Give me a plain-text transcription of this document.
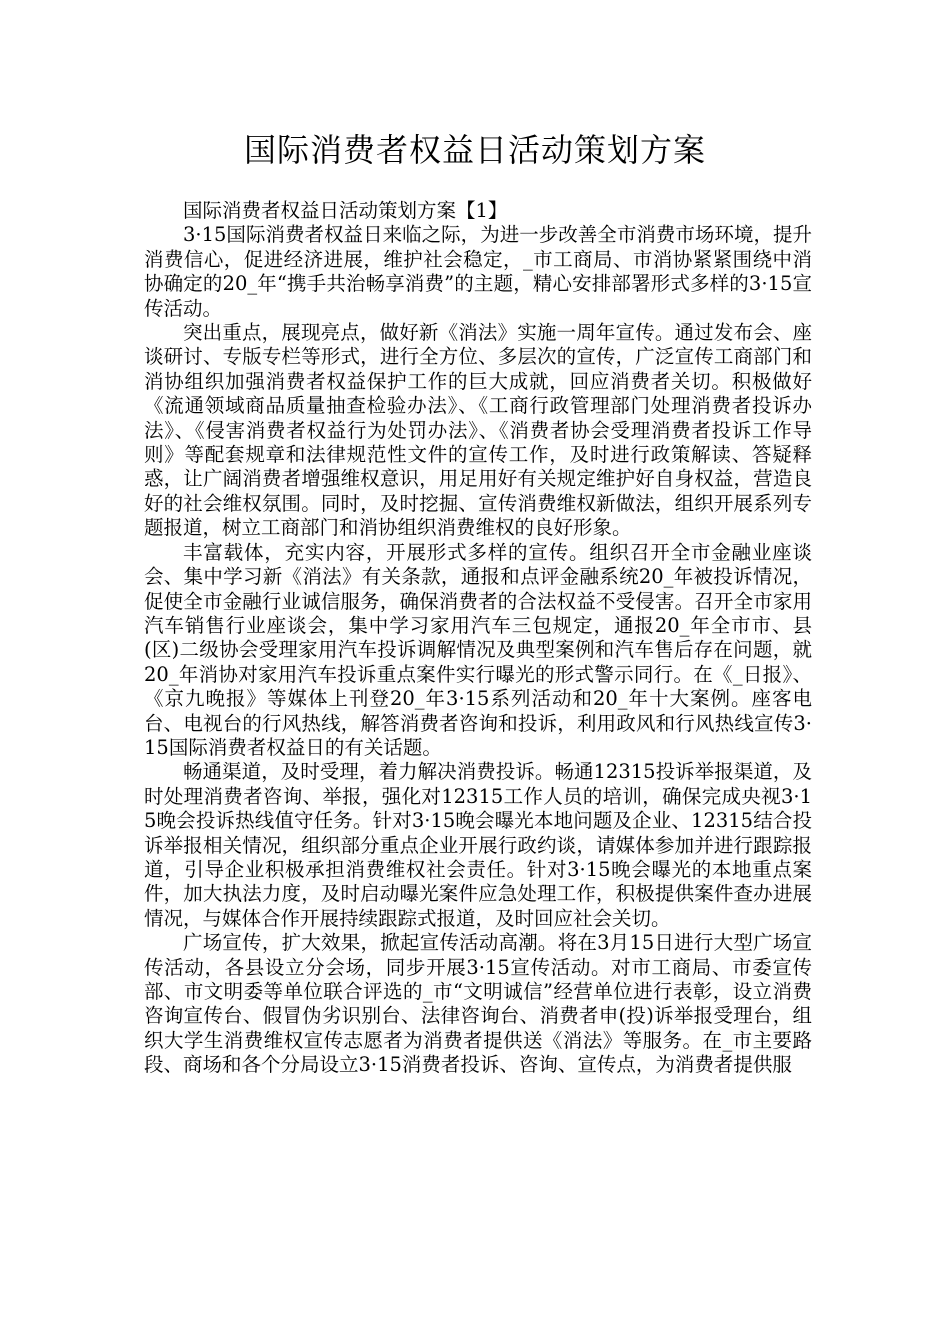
国际消费者权益日活动策划方案

国际消费者权益日活动策划方案【1】

3·15国际消费者权益日来临之际，为进一步改善全市消费市场环境，提升消费信心，促进经济进展，维护社会稳定，_市工商局、市消协紧紧围绕中消协确定的20_年“携手共治畅享消费”的主题，精心安排部署形式多样的3·15宣传活动。

突出重点，展现亮点，做好新《消法》实施一周年宣传。通过发布会、座谈研讨、专版专栏等形式，进行全方位、多层次的宣传，广泛宣传工商部门和消协组织加强消费者权益保护工作的巨大成就，回应消费者关切。积极做好《流通领域商品质量抽查检验办法》、《工商行政管理部门处理消费者投诉办法》、《侵害消费者权益行为处罚办法》、《消费者协会受理消费者投诉工作导则》等配套规章和法律规范性文件的宣传工作，及时进行政策解读、答疑释惑，让广阔消费者增强维权意识，用足用好有关规定维护好自身权益，营造良好的社会维权氛围。同时，及时挖掘、宣传消费维权新做法，组织开展系列专题报道，树立工商部门和消协组织消费维权的良好形象。

丰富载体，充实内容，开展形式多样的宣传。组织召开全市金融业座谈会、集中学习新《消法》有关条款，通报和点评金融系统20_年被投诉情况，促使全市金融行业诚信服务，确保消费者的合法权益不受侵害。召开全市家用汽车销售行业座谈会，集中学习家用汽车三包规定，通报20_年全市市、县(区)二级协会受理家用汽车投诉调解情况及典型案例和汽车售后存在问题，就20_年消协对家用汽车投诉重点案件实行曝光的形式警示同行。在《_日报》、《京九晚报》等媒体上刊登20_年3·15系列活动和20_年十大案例。座客电台、电视台的行风热线，解答消费者咨询和投诉，利用政风和行风热线宣传3·15国际消费者权益日的有关话题。

畅通渠道，及时受理，着力解决消费投诉。畅通12315投诉举报渠道，及时处理消费者咨询、举报，强化对12315工作人员的培训，确保完成央视3·15晚会投诉热线值守任务。针对3·15晚会曝光本地问题及企业、12315结合投诉举报相关情况，组织部分重点企业开展行政约谈，请媒体参加并进行跟踪报道，引导企业积极承担消费维权社会责任。针对3·15晚会曝光的本地重点案件，加大执法力度，及时启动曝光案件应急处理工作，积极提供案件查办进展情况，与媒体合作开展持续跟踪式报道，及时回应社会关切。

广场宣传，扩大效果，掀起宣传活动高潮。将在3月15日进行大型广场宣传活动，各县设立分会场，同步开展3·15宣传活动。对市工商局、市委宣传部、市文明委等单位联合评选的_市“文明诚信”经营单位进行表彰，设立消费咨询宣传台、假冒伪劣识别台、法律咨询台、消费者申(投)诉举报受理台，组织大学生消费维权宣传志愿者为消费者提供送《消法》等服务。在_市主要路段、商场和各个分局设立3·15消费者投诉、咨询、宣传点，为消费者提供服
